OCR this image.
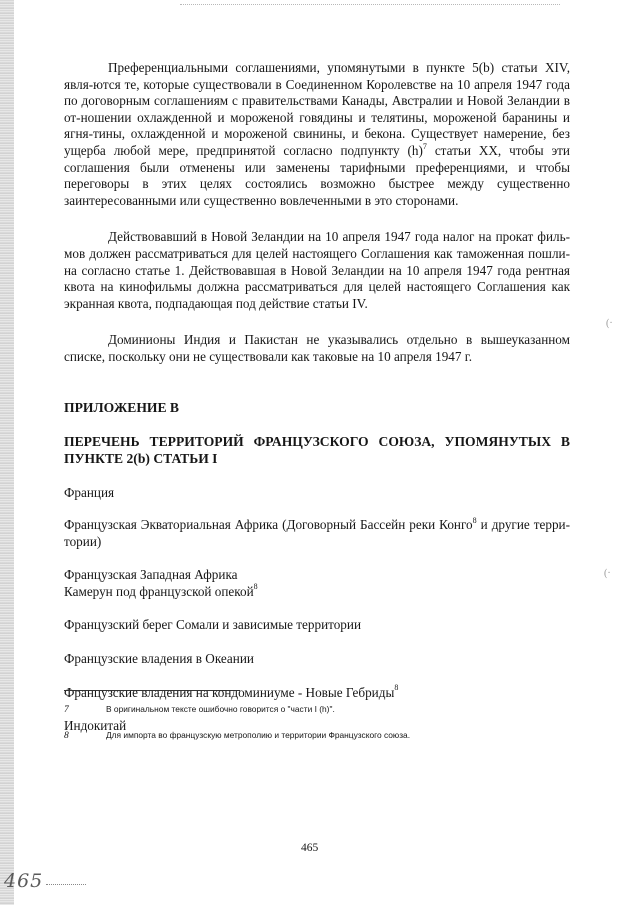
(·
(·

Преференциальными соглашениями, упомянутыми в пункте 5(b) статьи XIV, явля-ются те, которые существовали в Соединенном Королевстве на 10 апреля 1947 года по договорным соглашениям с правительствами Канады, Австралии и Новой Зеландии в от-ношении охлажденной и мороженой говядины и телятины, мороженой баранины и ягня-тины, охлажденной и мороженой свинины, и бекона. Существует намерение, без ущерба любой мере, предпринятой согласно подпункту $(h)^7$ статьи XX, чтобы эти соглашения были отменены или заменены тарифными преференциями, и чтобы переговоры в этих целях состоялись возможно быстрее между существенно заинтересованными или существенно вовлеченными в это сторонами.

Действовавший в Новой Зеландии на 10 апреля 1947 года налог на прокат филь-мов должен рассматриваться для целей настоящего Соглашения как таможенная пошли-на согласно статье 1. Действовавшая в Новой Зеландии на 10 апреля 1947 года рентная квота на кинофильмы должна рассматриваться для целей настоящего Соглашения как экранная квота, подпадающая под действие статьи IV.

Доминионы Индия и Пакистан не указывались отдельно в вышеуказанном списке, поскольку они не существовали как таковые на 10 апреля 1947 г.

ПРИЛОЖЕНИЕ В
ПЕРЕЧЕНЬ ТЕРРИТОРИЙ ФРАНЦУЗСКОГО СОЮЗА, УПОМЯНУТЫХ В ПУНКТЕ 2(b) СТАТЬИ I
Франция
Французская Экваториальная Африка (Договорный Бассейн реки Конго$^8$ и другие терри-тории)
Французская Западная Африка
Камерун под французской опекой$^8$
Французский берег Сомали и зависимые территории
Французские владения в Океании
Французские владения на кондоминиуме - Новые Гебриды$^8$
Индокитай
7	В оригинальном тексте ошибочно говорится о "части I (h)".
8	Для импорта во французскую метрополию и территории Французского союза.
465
465
